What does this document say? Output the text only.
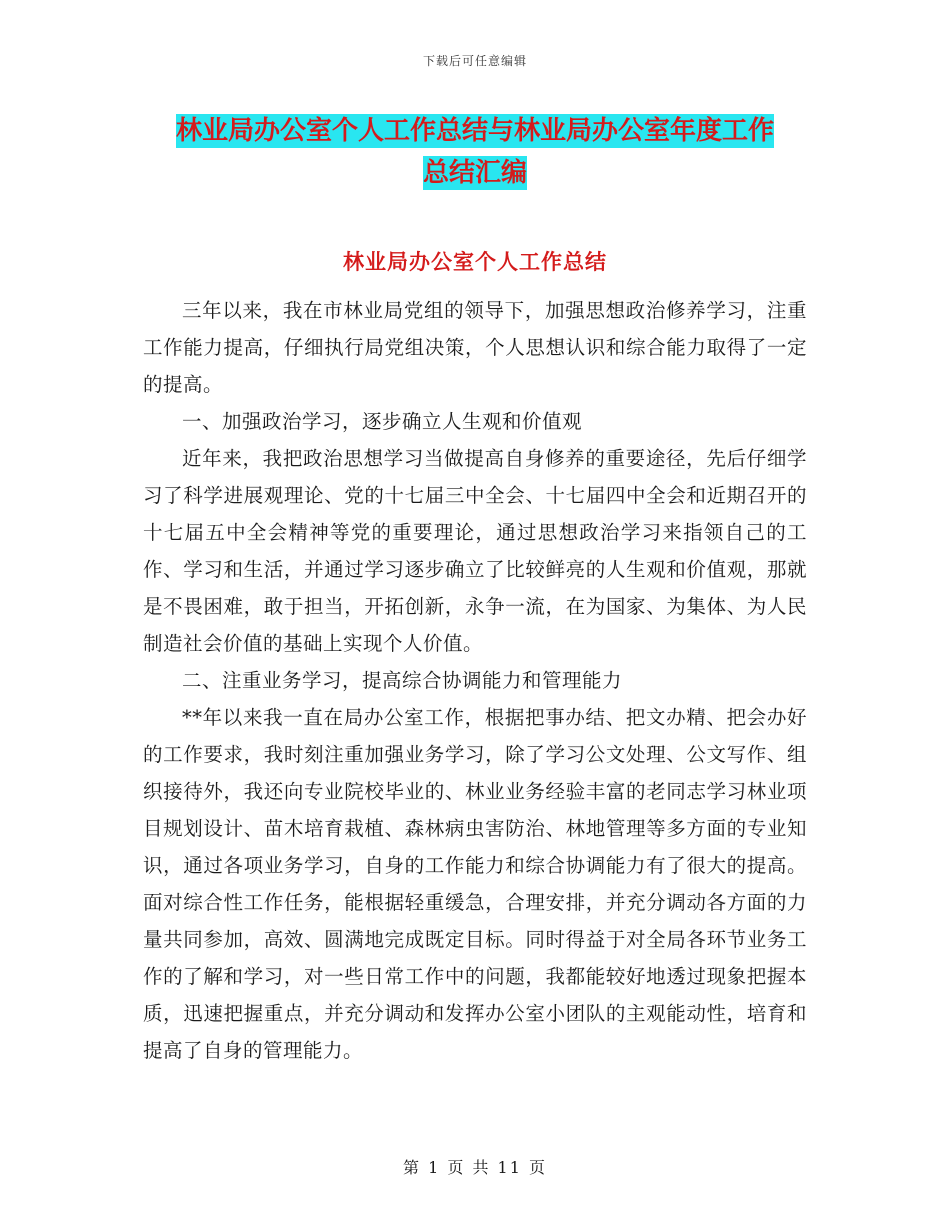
下载后可任意编辑
林业局办公室个人工作总结与林业局办公室年度工作
总结汇编
林业局办公室个人工作总结

三年以来，我在市林业局党组的领导下，加强思想政治修养学习，注重工作能力提高，仔细执行局党组决策，个人思想认识和综合能力取得了一定的提高。

一、加强政治学习，逐步确立人生观和价值观

近年来，我把政治思想学习当做提高自身修养的重要途径，先后仔细学习了科学进展观理论、党的十七届三中全会、十七届四中全会和近期召开的十七届五中全会精神等党的重要理论，通过思想政治学习来指领自己的工作、学习和生活，并通过学习逐步确立了比较鲜亮的人生观和价值观，那就是不畏困难，敢于担当，开拓创新，永争一流，在为国家、为集体、为人民制造社会价值的基础上实现个人价值。

二、注重业务学习，提高综合协调能力和管理能力

**年以来我一直在局办公室工作，根据把事办结、把文办精、把会办好的工作要求，我时刻注重加强业务学习，除了学习公文处理、公文写作、组织接待外，我还向专业院校毕业的、林业业务经验丰富的老同志学习林业项目规划设计、苗木培育栽植、森林病虫害防治、林地管理等多方面的专业知识，通过各项业务学习，自身的工作能力和综合协调能力有了很大的提高。面对综合性工作任务，能根据轻重缓急，合理安排，并充分调动各方面的力量共同参加，高效、圆满地完成既定目标。同时得益于对全局各环节业务工作的了解和学习，对一些日常工作中的问题，我都能较好地透过现象把握本质，迅速把握重点，并充分调动和发挥办公室小团队的主观能动性，培育和提高了自身的管理能力。

第 1 页 共 11 页
